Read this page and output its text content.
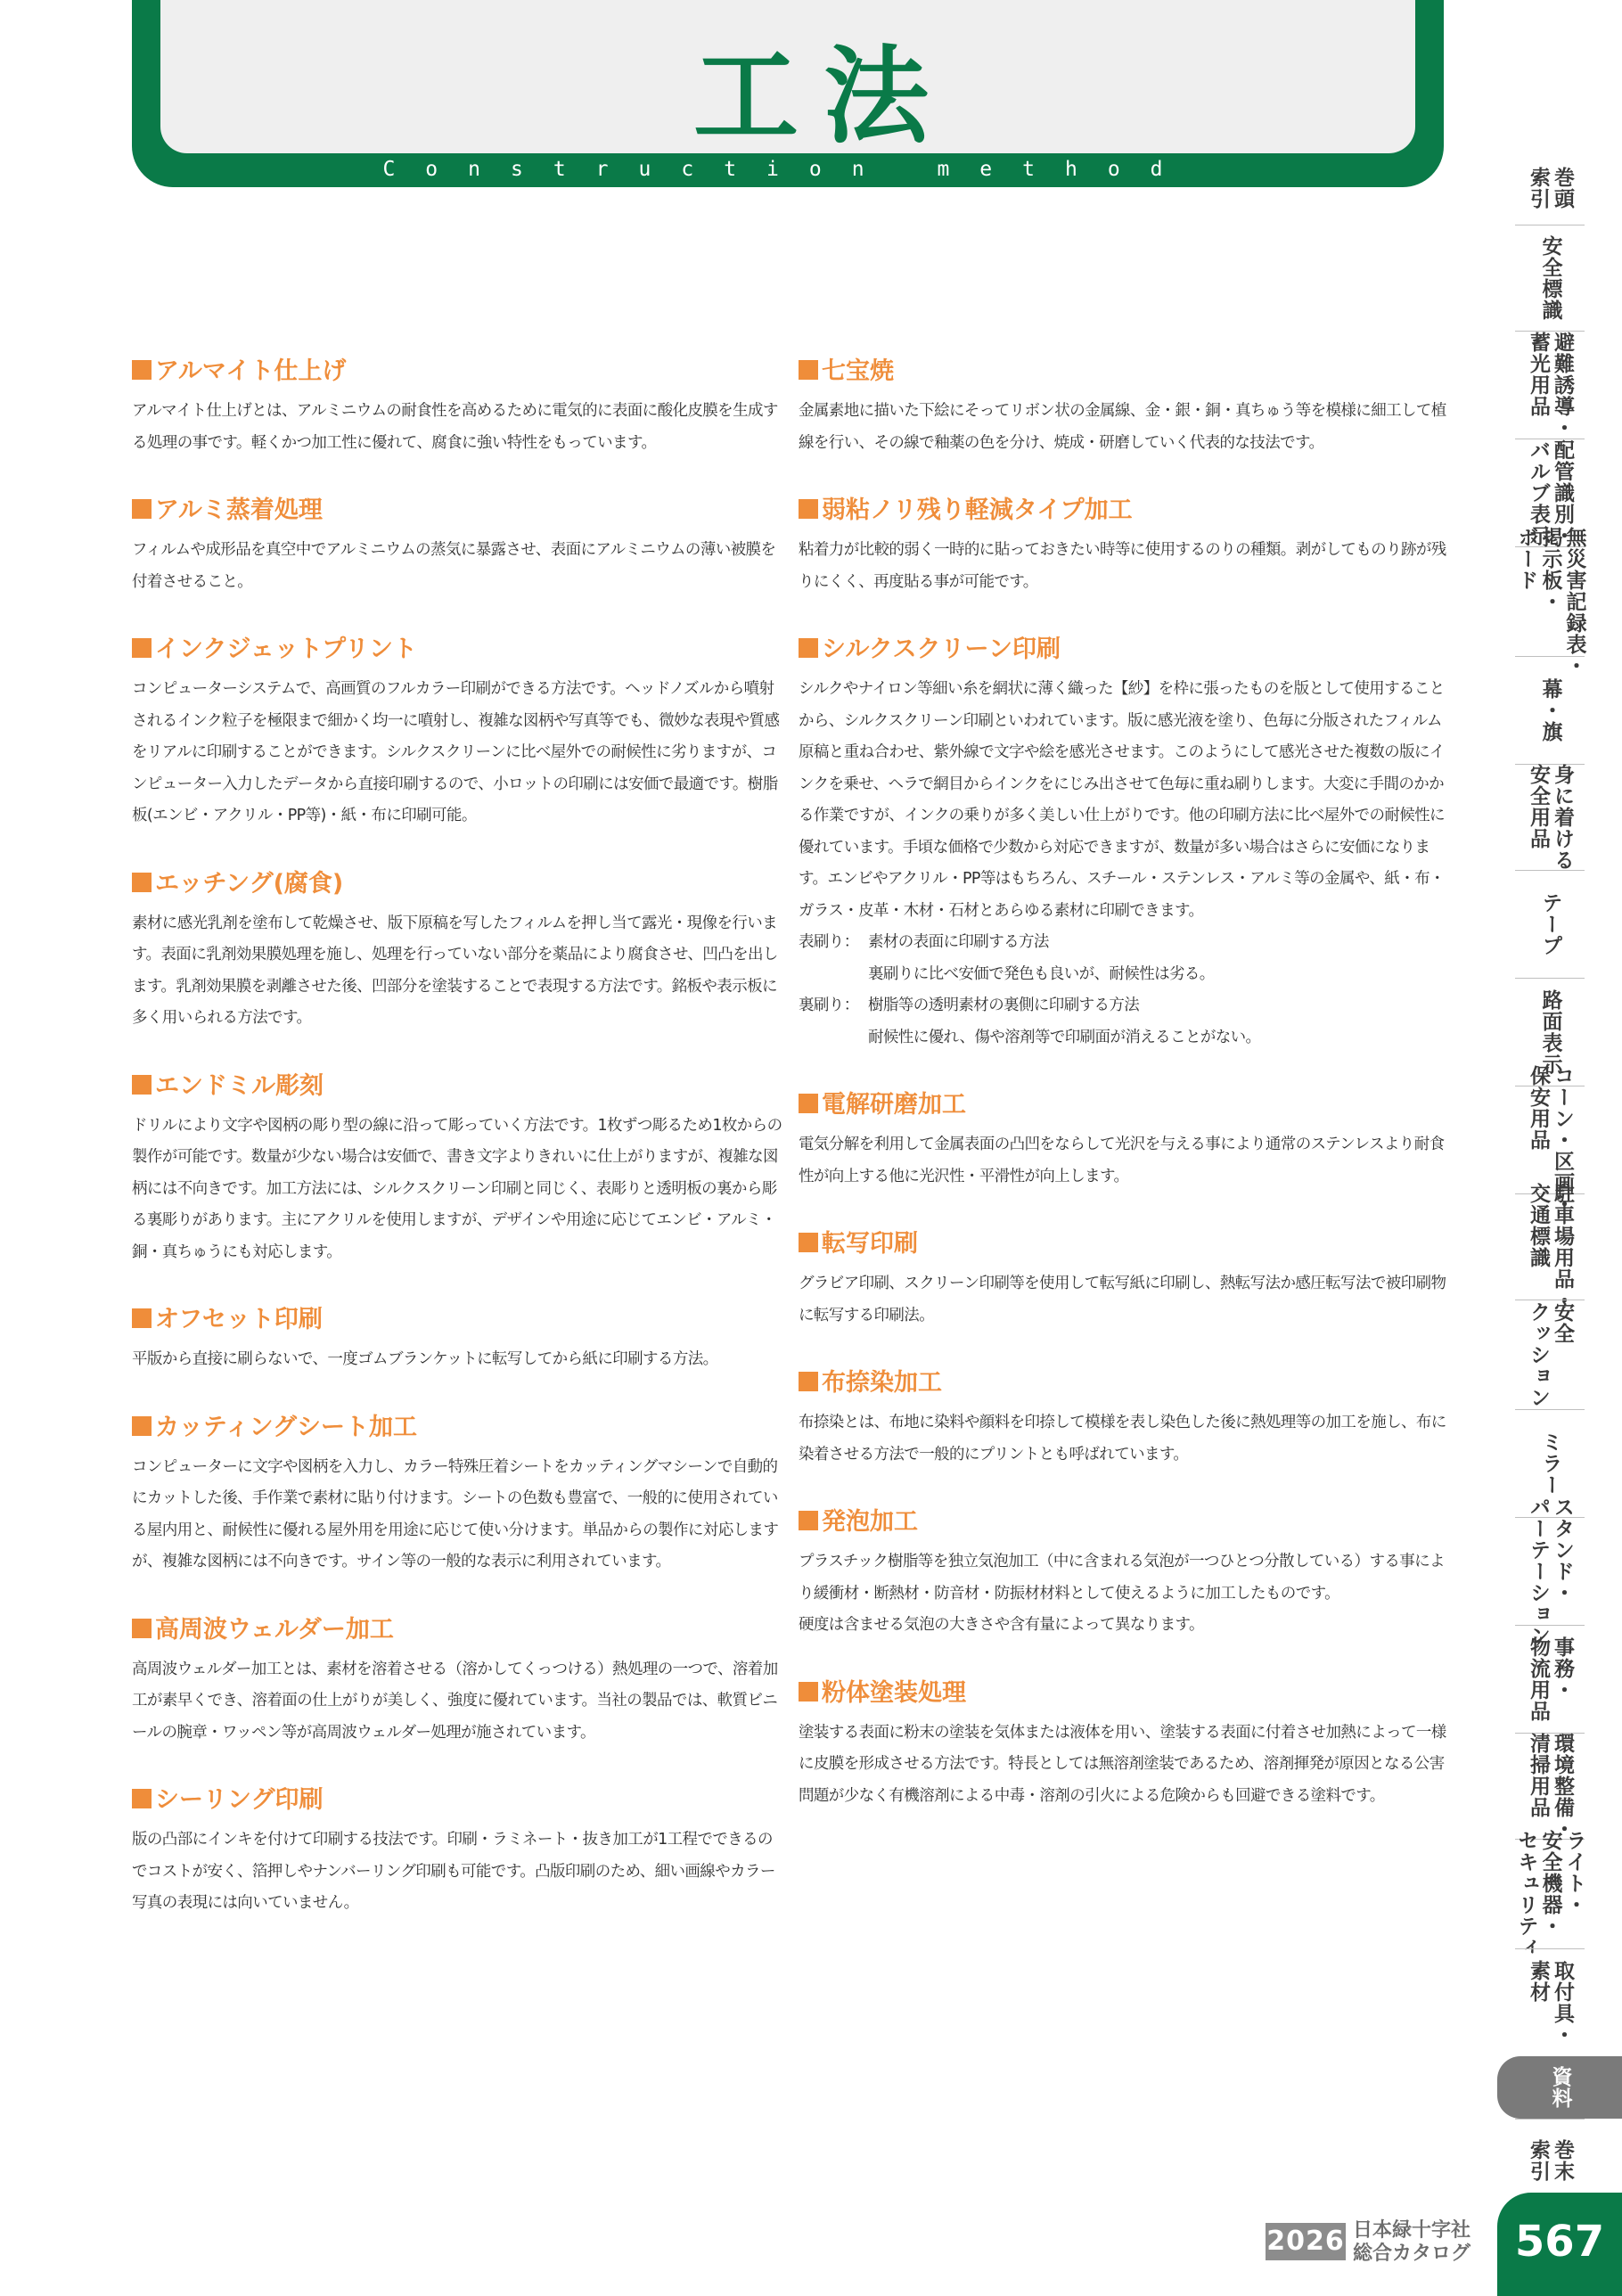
工法
Construction method
アルマイト仕上げ

アルマイト仕上げとは、アルミニウムの耐食性を高めるために電気的に表面に酸化皮膜を生成する処理の事です。軽くかつ加工性に優れて、腐食に強い特性をもっています。

アルミ蒸着処理

フィルムや成形品を真空中でアルミニウムの蒸気に暴露させ、表面にアルミニウムの薄い被膜を付着させること。

インクジェットプリント

コンピューターシステムで、高画質のフルカラー印刷ができる方法です。ヘッドノズルから噴射されるインク粒子を極限まで細かく均一に噴射し、複雑な図柄や写真等でも、微妙な表現や質感をリアルに印刷することができます。シルクスクリーンに比べ屋外での耐候性に劣りますが、コンピューター入力したデータから直接印刷するので、小ロットの印刷には安価で最適です。樹脂板(エンビ・アクリル・PP等)・紙・布に印刷可能。

エッチング(腐食)

素材に感光乳剤を塗布して乾燥させ、版下原稿を写したフィルムを押し当て露光・現像を行います。表面に乳剤効果膜処理を施し、処理を行っていない部分を薬品により腐食させ、凹凸を出します。乳剤効果膜を剥離させた後、凹部分を塗装することで表現する方法です。銘板や表示板に多く用いられる方法です。

エンドミル彫刻

ドリルにより文字や図柄の彫り型の線に沿って彫っていく方法です。1枚ずつ彫るため1枚からの製作が可能です。数量が少ない場合は安価で、書き文字よりきれいに仕上がりますが、複雑な図柄には不向きです。加工方法には、シルクスクリーン印刷と同じく、表彫りと透明板の裏から彫る裏彫りがあります。主にアクリルを使用しますが、デザインや用途に応じてエンビ・アルミ・銅・真ちゅうにも対応します。

オフセット印刷

平版から直接に刷らないで、一度ゴムブランケットに転写してから紙に印刷する方法。

カッティングシート加工

コンピューターに文字や図柄を入力し、カラー特殊圧着シートをカッティングマシーンで自動的にカットした後、手作業で素材に貼り付けます。シートの色数も豊富で、一般的に使用されている屋内用と、耐候性に優れる屋外用を用途に応じて使い分けます。単品からの製作に対応しますが、複雑な図柄には不向きです。サイン等の一般的な表示に利用されています。

高周波ウェルダー加工

高周波ウェルダー加工とは、素材を溶着させる（溶かしてくっつける）熱処理の一つで、溶着加工が素早くでき、溶着面の仕上がりが美しく、強度に優れています。当社の製品では、軟質ビニールの腕章・ワッペン等が高周波ウェルダー処理が施されています。

シーリング印刷

版の凸部にインキを付けて印刷する技法です。印刷・ラミネート・抜き加工が1工程でできるのでコストが安く、箔押しやナンバーリング印刷も可能です。凸版印刷のため、細い画線やカラー写真の表現には向いていません。

七宝焼

金属素地に描いた下絵にそってリボン状の金属線、金・銀・銅・真ちゅう等を模様に細工して植線を行い、その線で釉薬の色を分け、焼成・研磨していく代表的な技法です。

弱粘ノリ残り軽減タイプ加工

粘着力が比較的弱く一時的に貼っておきたい時等に使用するのりの種類。剥がしてものり跡が残りにくく、再度貼る事が可能です。

シルクスクリーン印刷

シルクやナイロン等細い糸を網状に薄く織った【紗】を枠に張ったものを版として使用することから、シルクスクリーン印刷といわれています。版に感光液を塗り、色毎に分版されたフィルム原稿と重ね合わせ、紫外線で文字や絵を感光させます。このようにして感光させた複数の版にインクを乗せ、ヘラで網目からインクをにじみ出させて色毎に重ね刷りします。大変に手間のかかる作業ですが、インクの乗りが多く美しい仕上がりです。他の印刷方法に比べ屋外での耐候性に優れています。手頃な価格で少数から対応できますが、数量が多い場合はさらに安価になります。エンビやアクリル・PP等はもちろん、スチール・ステンレス・アルミ等の金属や、紙・布・ガラス・皮革・木材・石材とあらゆる素材に印刷できます。

表刷り： 素材の表面に印刷する方法
裏刷りに比べ安価で発色も良いが、耐候性は劣る。
裏刷り： 樹脂等の透明素材の裏側に印刷する方法
耐候性に優れ、傷や溶剤等で印刷面が消えることがない。
電解研磨加工

電気分解を利用して金属表面の凸凹をならして光沢を与える事により通常のステンレスより耐食性が向上する他に光沢性・平滑性が向上します。

転写印刷

グラビア印刷、スクリーン印刷等を使用して転写紙に印刷し、熱転写法か感圧転写法で被印刷物に転写する印刷法。

布捺染加工

布捺染とは、布地に染料や顔料を印捺して模様を表し染色した後に熱処理等の加工を施し、布に染着させる方法で一般的にプリントとも呼ばれています。

発泡加工

プラスチック樹脂等を独立気泡加工（中に含まれる気泡が一つひとつ分散している）する事により緩衝材・断熱材・防音材・防振材材料として使えるように加工したものです。

硬度は含ませる気泡の大きさや含有量によって異なります。

粉体塗装処理

塗装する表面に粉末の塗装を気体または液体を用い、塗装する表面に付着させ加熱によって一様に皮膜を形成させる方法です。特長としては無溶剤塗装であるため、溶剤揮発が原因となる公害問題が少なく有機溶剤による中毒・溶剤の引火による危険からも回避できる塗料です。

巻頭
索引
安全標識
避難誘導・
蓄光用品
配管識別・
バルブ表示
無災害記録表・
掲示板・
ボード
幕・旗
身に着ける
安全用品
テープ
路面表示
コーン・区画・
保安用品
駐車場用品・
交通標識
安全
クッション
ミラー
スタンド・
パーテーション
事務・
物流用品
環境整備・
清掃用品
ライト・
安全機器・
セキュリティ
取付具・
素材
資料
巻末
索引
2026 日本緑十字社
総合カタログ	567
